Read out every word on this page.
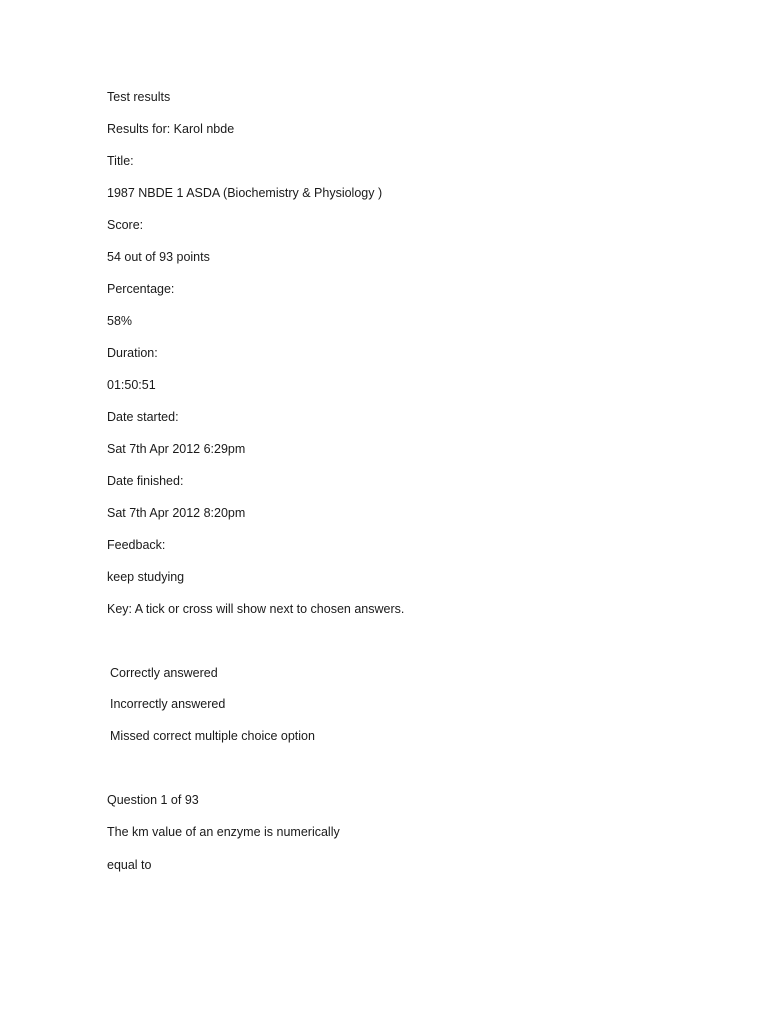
Test results
Results for: Karol nbde
Title:
1987 NBDE 1 ASDA (Biochemistry & Physiology )
Score:
54 out of 93 points
Percentage:
58%
Duration:
01:50:51
Date started:
Sat 7th Apr 2012 6:29pm
Date finished:
Sat 7th Apr 2012 8:20pm
Feedback:
keep studying
Key: A tick or cross will show next to chosen answers.
Correctly answered
Incorrectly answered
Missed correct multiple choice option
Question 1 of 93
The km value of an enzyme is numerically
equal to
